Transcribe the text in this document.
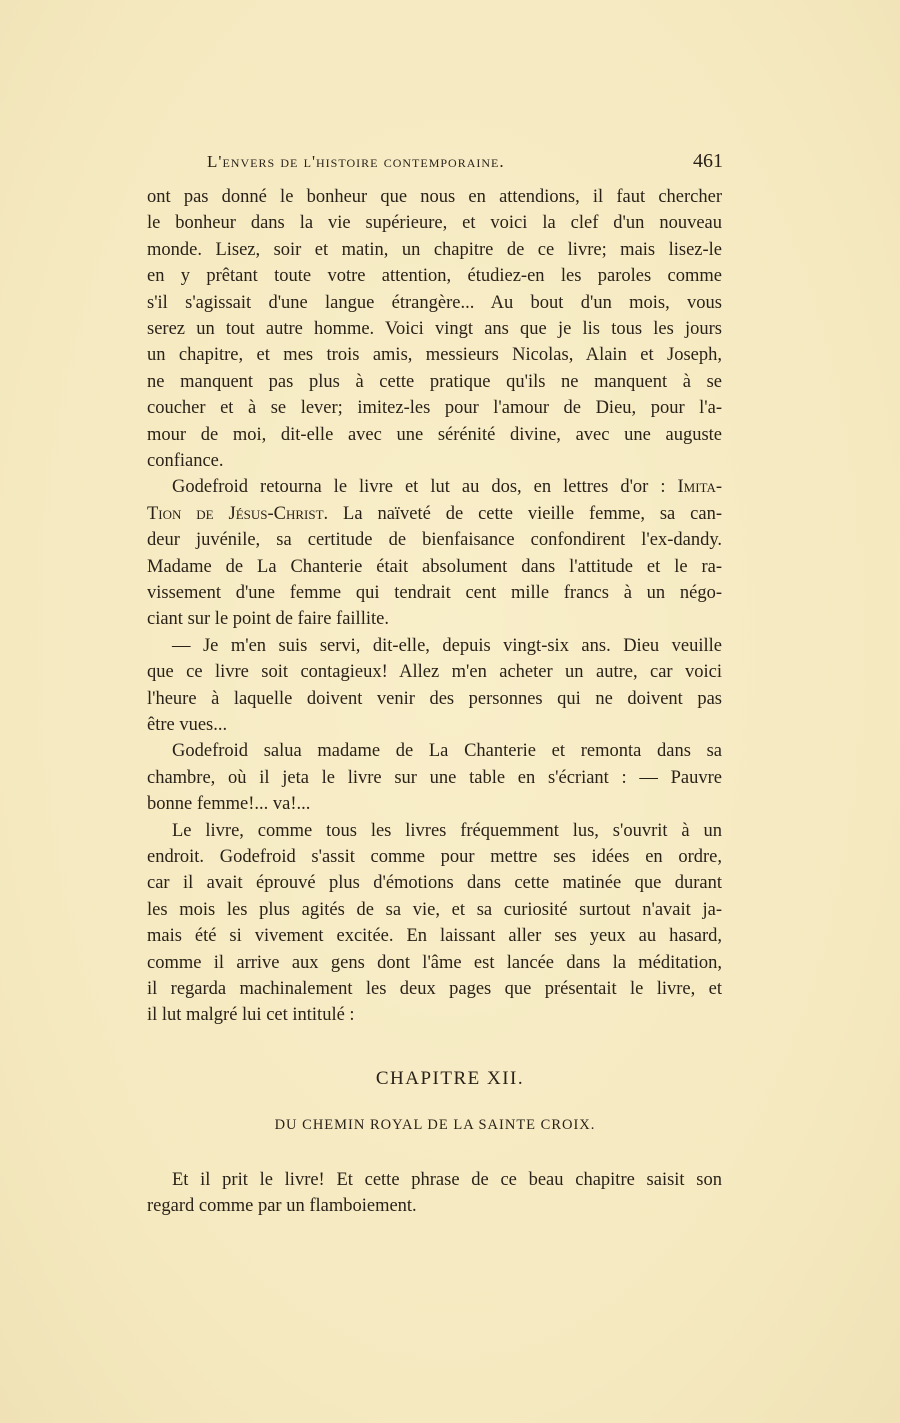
L'envers de l'histoire contemporaine.	461
ont pas donné le bonheur que nous en attendions, il faut chercher
le bonheur dans la vie supérieure, et voici la clef d'un nouveau
monde. Lisez, soir et matin, un chapitre de ce livre; mais lisez-le
en y prêtant toute votre attention, étudiez-en les paroles comme
s'il s'agissait d'une langue étrangère... Au bout d'un mois, vous
serez un tout autre homme. Voici vingt ans que je lis tous les jours
un chapitre, et mes trois amis, messieurs Nicolas, Alain et Joseph,
ne manquent pas plus à cette pratique qu'ils ne manquent à se
coucher et à se lever; imitez-les pour l'amour de Dieu, pour l'a-
mour de moi, dit-elle avec une sérénité divine, avec une auguste
confiance.
Godefroid retourna le livre et lut au dos, en lettres d'or : Imita-
Tion de Jésus-Christ. La naïveté de cette vieille femme, sa can-
deur juvénile, sa certitude de bienfaisance confondirent l'ex-dandy.
Madame de La Chanterie était absolument dans l'attitude et le ra-
vissement d'une femme qui tendrait cent mille francs à un négo-
ciant sur le point de faire faillite.
— Je m'en suis servi, dit-elle, depuis vingt-six ans. Dieu veuille
que ce livre soit contagieux! Allez m'en acheter un autre, car voici
l'heure à laquelle doivent venir des personnes qui ne doivent pas
être vues...
Godefroid salua madame de La Chanterie et remonta dans sa
chambre, où il jeta le livre sur une table en s'écriant : — Pauvre
bonne femme!... va!...
Le livre, comme tous les livres fréquemment lus, s'ouvrit à un
endroit. Godefroid s'assit comme pour mettre ses idées en ordre,
car il avait éprouvé plus d'émotions dans cette matinée que durant
les mois les plus agités de sa vie, et sa curiosité surtout n'avait ja-
mais été si vivement excitée. En laissant aller ses yeux au hasard,
comme il arrive aux gens dont l'âme est lancée dans la méditation,
il regarda machinalement les deux pages que présentait le livre, et
il lut malgré lui cet intitulé :
CHAPITRE XII.
DU CHEMIN ROYAL DE LA SAINTE CROIX.
Et il prit le livre! Et cette phrase de ce beau chapitre saisit son
regard comme par un flamboiement.
